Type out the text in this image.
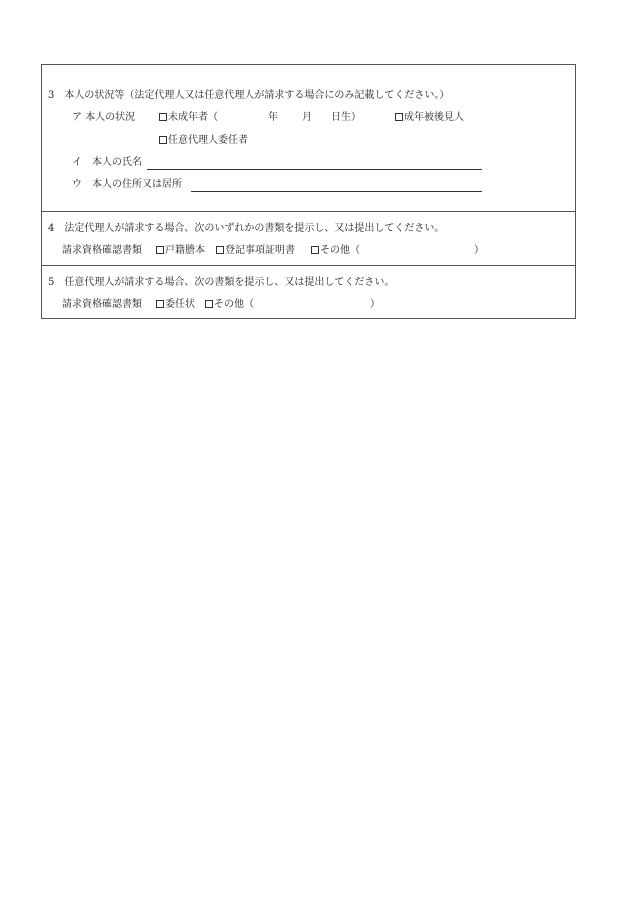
3　本人の状況等（法定代理人又は任意代理人が請求する場合にのみ記載してください。）
ア 本人の状況	未成年者（	年 月 日生）	成年被後見人
任意代理人委任者
イ　本人の氏名
ウ　本人の住所又は居所
4　法定代理人が請求する場合、次のいずれかの書類を提示し、又は提出してください。
請求資格確認書類	戸籍謄本	登記事項証明書	その他（	）
5　任意代理人が請求する場合、次の書類を提示し、又は提出してください。
請求資格確認書類	委任状	その他（	）
